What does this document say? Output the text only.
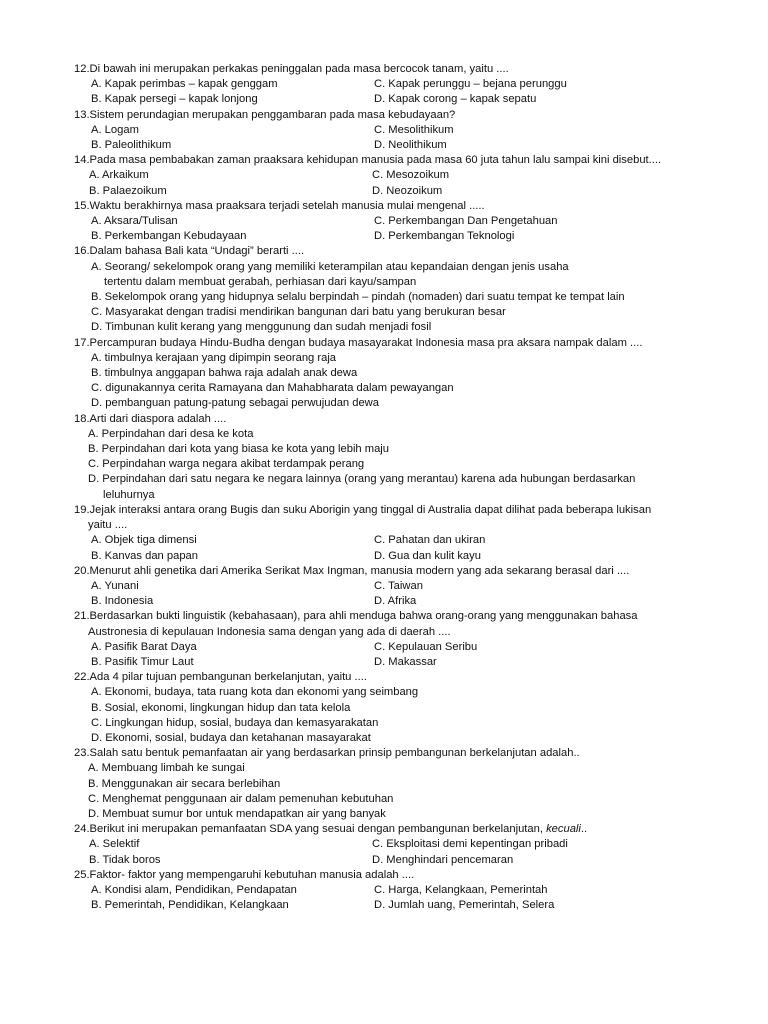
12.Di bawah ini merupakan perkakas peninggalan pada masa bercocok tanam, yaitu ....
A. Kapak perimbas – kapak genggam	C. Kapak perunggu – bejana perunggu
B. Kapak persegi – kapak lonjong	D. Kapak corong – kapak sepatu
13.Sistem perundagian merupakan penggambaran pada masa kebudayaan?
A. Logam	C. Mesolithikum
B. Paleolithikum	D. Neolithikum
14.Pada masa pembabakan zaman praaksara kehidupan manusia pada masa 60 juta tahun lalu sampai kini disebut....
A. Arkaikum	C. Mesozoikum
B. Palaezoikum	D. Neozoikum
15.Waktu berakhirnya masa praaksara terjadi setelah manusia mulai mengenal .....
A. Aksara/Tulisan	C. Perkembangan Dan Pengetahuan
B. Perkembangan Kebudayaan	D. Perkembangan Teknologi
16.Dalam bahasa Bali kata “Undagi” berarti ....
A. Seorang/ sekelompok orang yang memiliki keterampilan atau kepandaian dengan jenis usaha
tertentu dalam membuat gerabah, perhiasan dari kayu/sampan
B. Sekelompok orang yang hidupnya selalu berpindah – pindah (nomaden) dari suatu tempat ke tempat lain
C. Masyarakat dengan tradisi mendirikan bangunan dari batu yang berukuran besar
D. Timbunan kulit kerang yang menggunung dan sudah menjadi fosil
17.Percampuran budaya Hindu-Budha dengan budaya masayarakat Indonesia masa pra aksara nampak dalam ....
A. timbulnya kerajaan yang dipimpin seorang raja
B. timbulnya anggapan bahwa raja adalah anak dewa
C. digunakannya cerita Ramayana dan Mahabharata dalam pewayangan
D. pembanguan patung-patung sebagai perwujudan dewa
18.Arti dari diaspora adalah ....
A. Perpindahan dari desa ke kota
B. Perpindahan dari kota yang biasa ke kota yang lebih maju
C. Perpindahan warga negara akibat terdampak perang
D. Perpindahan dari satu negara ke negara lainnya (orang yang merantau) karena ada hubungan berdasarkan
leluhurnya
19.Jejak interaksi antara orang Bugis dan suku Aborigin yang tinggal di Australia dapat dilihat pada beberapa lukisan
yaitu ....
A. Objek tiga dimensi	C. Pahatan dan ukiran
B. Kanvas dan papan	D. Gua dan kulit kayu
20.Menurut ahli genetika dari Amerika Serikat Max Ingman, manusia modern yang ada sekarang berasal dari ....
A. Yunani	C. Taiwan
B. Indonesia	D. Afrika
21.Berdasarkan bukti linguistik (kebahasaan), para ahli menduga bahwa orang-orang yang menggunakan bahasa
Austronesia di kepulauan Indonesia sama dengan yang ada di daerah ....
A. Pasifik Barat Daya	C. Kepulauan Seribu
B. Pasifik Timur Laut	D. Makassar
22.Ada 4 pilar tujuan pembangunan berkelanjutan, yaitu ....
A. Ekonomi, budaya, tata ruang kota dan ekonomi yang seimbang
B. Sosial, ekonomi, lingkungan hidup dan tata kelola
C. Lingkungan hidup, sosial, budaya dan kemasyarakatan
D. Ekonomi, sosial, budaya dan ketahanan masayarakat
23.Salah satu bentuk pemanfaatan air yang berdasarkan prinsip pembangunan berkelanjutan adalah..
A. Membuang limbah ke sungai
B. Menggunakan air secara berlebihan
C. Menghemat penggunaan air dalam pemenuhan kebutuhan
D. Membuat sumur bor untuk mendapatkan air yang banyak
24.Berikut ini merupakan pemanfaatan SDA yang sesuai dengan pembangunan berkelanjutan, kecuali..
A. Selektif	C. Eksploitasi demi kepentingan pribadi
B. Tidak boros	D. Menghindari pencemaran
25.Faktor- faktor yang mempengaruhi kebutuhan manusia adalah ....
A. Kondisi alam, Pendidikan, Pendapatan	C. Harga, Kelangkaan, Pemerintah
B. Pemerintah, Pendidikan, Kelangkaan	D. Jumlah uang, Pemerintah, Selera
